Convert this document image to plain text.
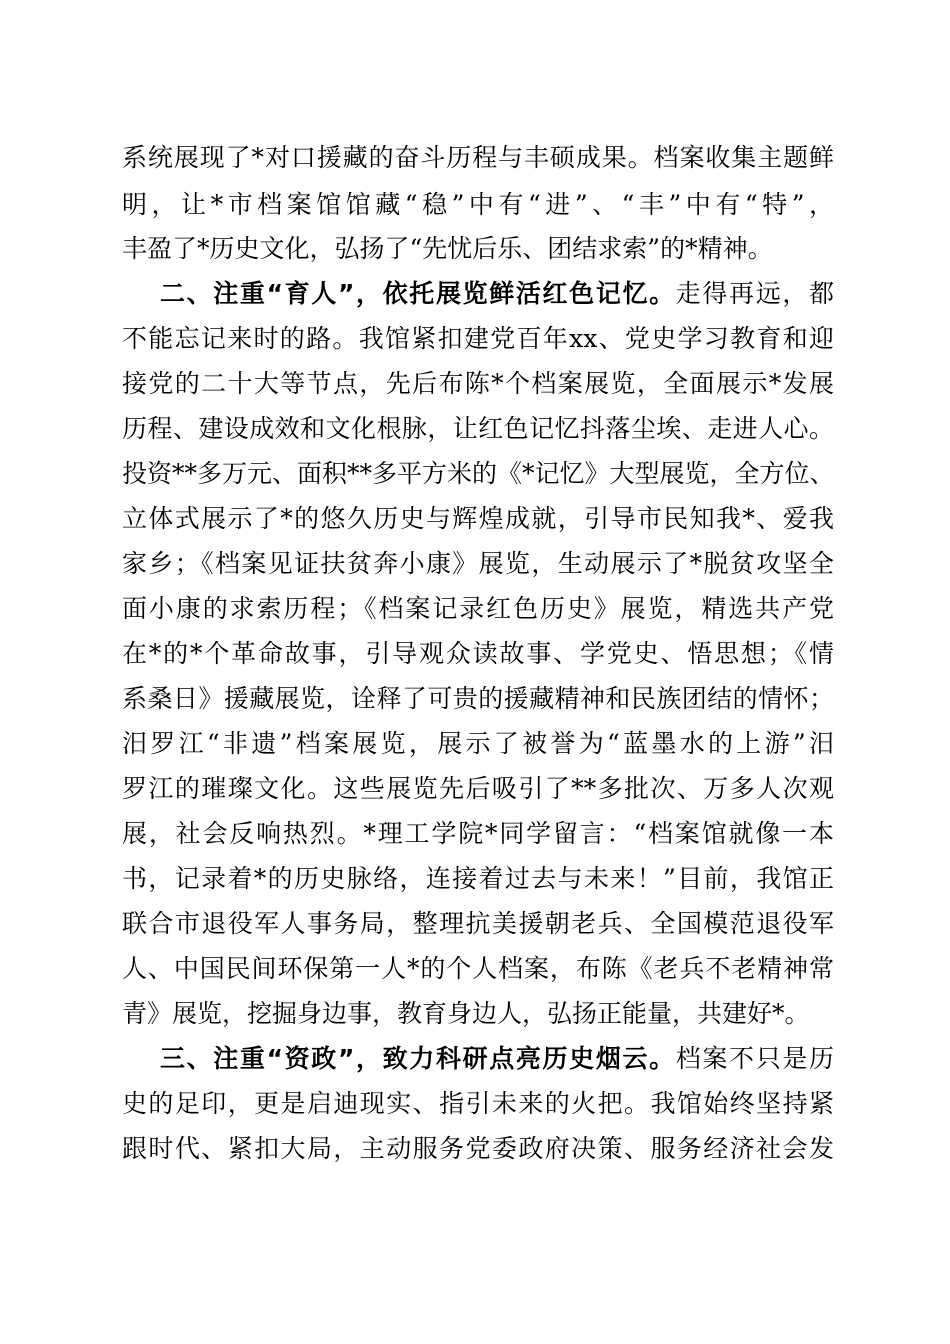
系统展现了*对口援藏的奋斗历程与丰硕成果。档案收集主题鲜
明，让*市档案馆馆藏“稳”中有“进”、“丰”中有“特”，
丰盈了*历史文化，弘扬了“先忧后乐、团结求索”的*精神。
二、注重“育人”，依托展览鲜活红色记忆。走得再远，都
不能忘记来时的路。我馆紧扣建党百年xx、党史学习教育和迎
接党的二十大等节点，先后布陈*个档案展览，全面展示*发展
历程、建设成效和文化根脉，让红色记忆抖落尘埃、走进人心。
投资**多万元、面积**多平方米的《*记忆》大型展览，全方位、
立体式展示了*的悠久历史与辉煌成就，引导市民知我*、爱我
家乡；《档案见证扶贫奔小康》展览，生动展示了*脱贫攻坚全
面小康的求索历程；《档案记录红色历史》展览，精选共产党
在*的*个革命故事，引导观众读故事、学党史、悟思想；《情
系桑日》援藏展览，诠释了可贵的援藏精神和民族团结的情怀；
汨罗江“非遗”档案展览，展示了被誉为“蓝墨水的上游”汨
罗江的璀璨文化。这些展览先后吸引了**多批次、万多人次观
展，社会反响热烈。*理工学院*同学留言：“档案馆就像一本
书，记录着*的历史脉络，连接着过去与未来！”目前，我馆正
联合市退役军人事务局，整理抗美援朝老兵、全国模范退役军
人、中国民间环保第一人*的个人档案，布陈《老兵不老精神常
青》展览，挖掘身边事，教育身边人，弘扬正能量，共建好*。
三、注重“资政”，致力科研点亮历史烟云。档案不只是历
史的足印，更是启迪现实、指引未来的火把。我馆始终坚持紧
跟时代、紧扣大局，主动服务党委政府决策、服务经济社会发
